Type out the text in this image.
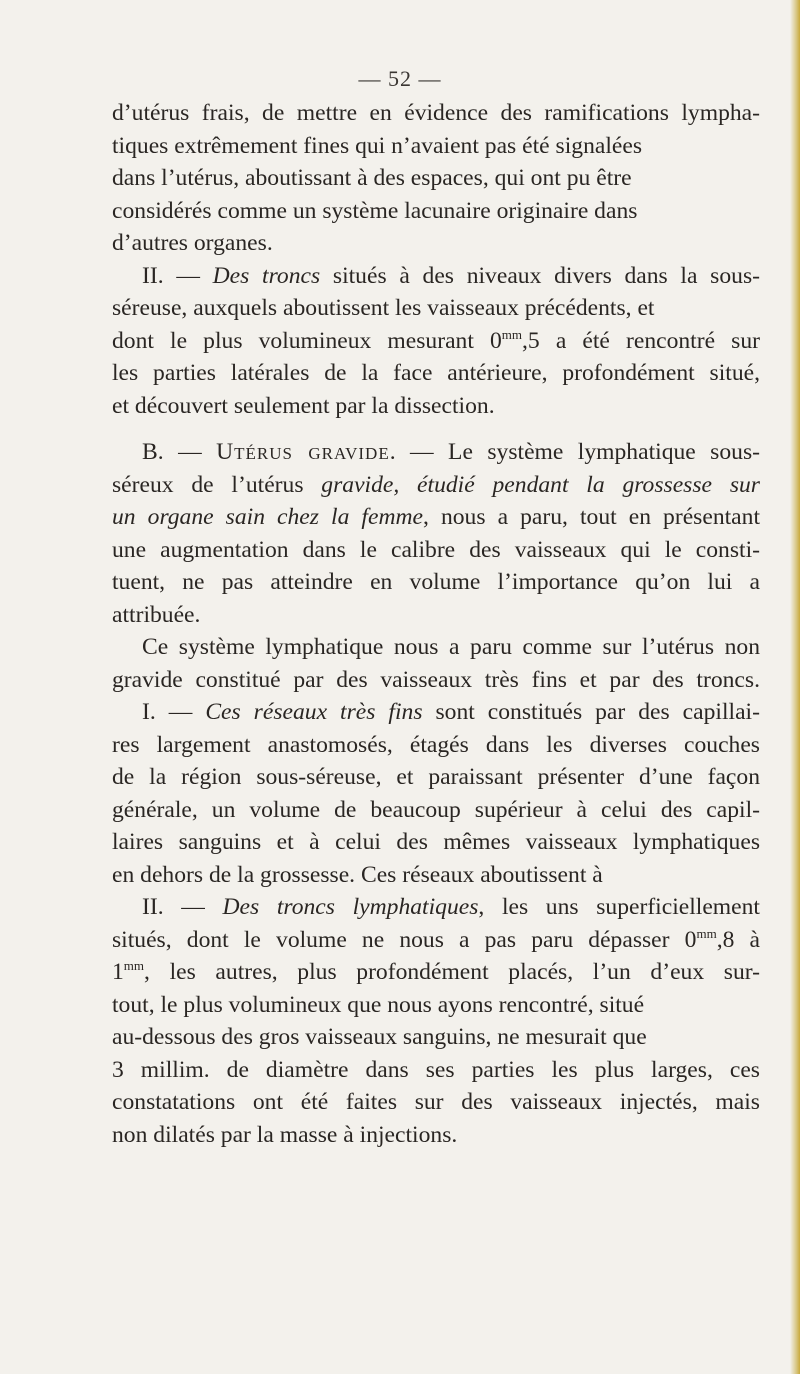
— 52 —
d’utérus frais, de mettre en évidence des ramifications lympha-
tiques extrêmement fines qui n’avaient pas été signalées
dans l’utérus, aboutissant à des espaces, qui ont pu être
considérés comme un système lacunaire originaire dans
d’autres organes.
II. — Des troncs situés à des niveaux divers dans la sous-
séreuse, auxquels aboutissent les vaisseaux précédents, et
dont le plus volumineux mesurant $0^{mm},5$ a été rencontré sur
les parties latérales de la face antérieure, profondément situé,
et découvert seulement par la dissection.
B. — Utérus gravide. — Le système lymphatique sous-
séreux de l’utérus gravide, étudié pendant la grossesse sur
un organe sain chez la femme, nous a paru, tout en présentant
une augmentation dans le calibre des vaisseaux qui le consti-
tuent, ne pas atteindre en volume l’importance qu’on lui a
attribuée.
Ce système lymphatique nous a paru comme sur l’utérus non
gravide constitué par des vaisseaux très fins et par des troncs.
I. — Ces réseaux très fins sont constitués par des capillai-
res largement anastomosés, étagés dans les diverses couches
de la région sous-séreuse, et paraissant présenter d’une façon
générale, un volume de beaucoup supérieur à celui des capil-
laires sanguins et à celui des mêmes vaisseaux lymphatiques
en dehors de la grossesse. Ces réseaux aboutissent à
II. — Des troncs lymphatiques, les uns superficiellement
situés, dont le volume ne nous a pas paru dépasser $0^{mm},8$ à
$1^{mm}$, les autres, plus profondément placés, l’un d’eux sur-
tout, le plus volumineux que nous ayons rencontré, situé
au-dessous des gros vaisseaux sanguins, ne mesurait que
3 millim. de diamètre dans ses parties les plus larges, ces
constatations ont été faites sur des vaisseaux injectés, mais
non dilatés par la masse à injections.
